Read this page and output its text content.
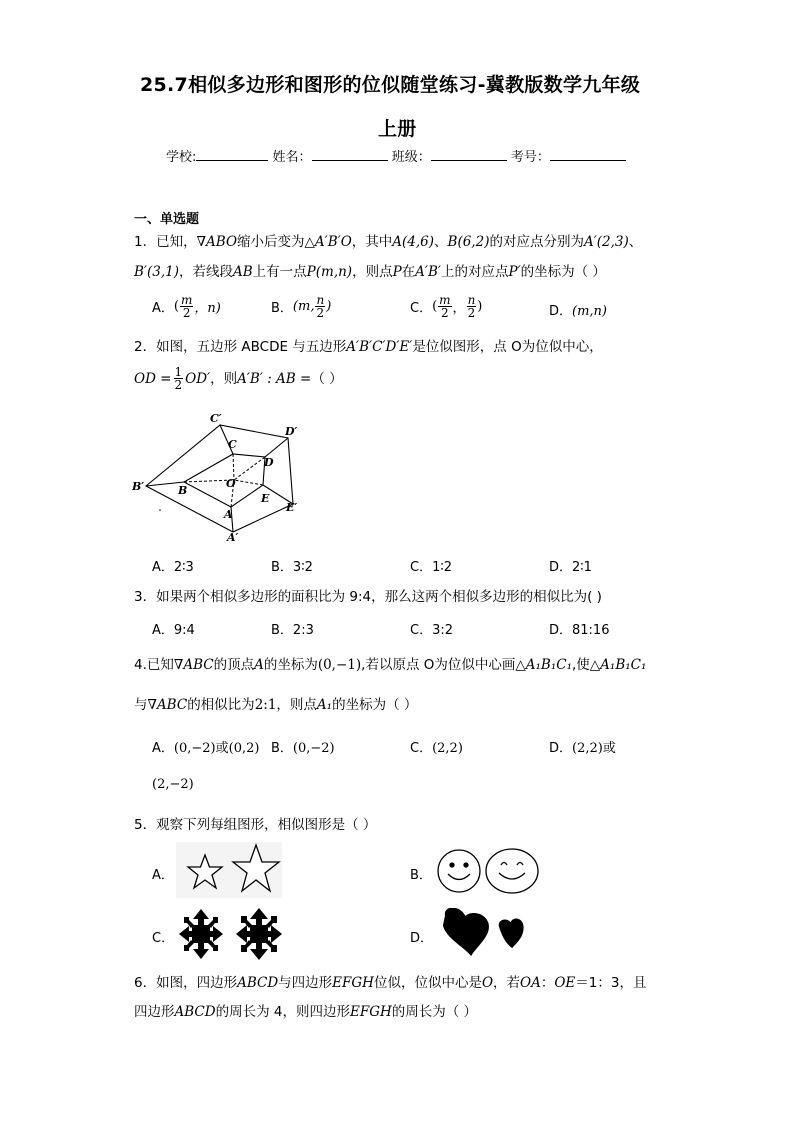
25.7相似多边形和图形的位似随堂练习-冀教版数学九年级
上册
学校:	姓名：	班级：	考号：
一、单选题
1．已知，∇ABO缩小后变为△A′B′O，其中A(4,6)、B(6,2)的对应点分别为A′(2,3)、
B′(3,1)，若线段AB上有一点P(m,n)，则点P在A′B′上的对应点P′的坐标为（ ）
A． ( $\frac{m}{2}$ ，n)	B． (m, $\frac{n}{2}$ )	C． ( $\frac{m}{2}$ ， $\frac{n}{2}$ )	D．(m,n)
2．如图，五边形 ABCDE 与五边形A′B′C′D′E′是位似图形，点 O为位似中心，
OD = $\frac{1}{2} OD'$ ，则 A′B′ : AB = （ ）
C′
C
D′
D
B′	B
O
E
E′
A
A′
A．2∶3	B．3∶2	C．1∶2	D．2∶1
3．如果两个相似多边形的面积比为 9:4，那么这两个相似多边形的相似比为( )
A．9:4	B．2:3	C．3:2	D．81:16
4.已知∇ABC的顶点A的坐标为(0,−1),若以原点 O为位似中心画△A₁B₁C₁,使△A₁B₁C₁
与∇ABC的相似比为2:1，则点A₁的坐标为（ ）
A．(0,−2)或(0,2) B．(0,−2)	C．(2,2)	D．(2,2)或
(2,−2)
5．观察下列每组图形，相似图形是（ ）
A．	B．
C．	D．
6．如图，四边形ABCD与四边形EFGH位似，位似中心是O，若OA：OE＝1：3，且
四边形ABCD的周长为 4，则四边形EFGH的周长为（ ）
